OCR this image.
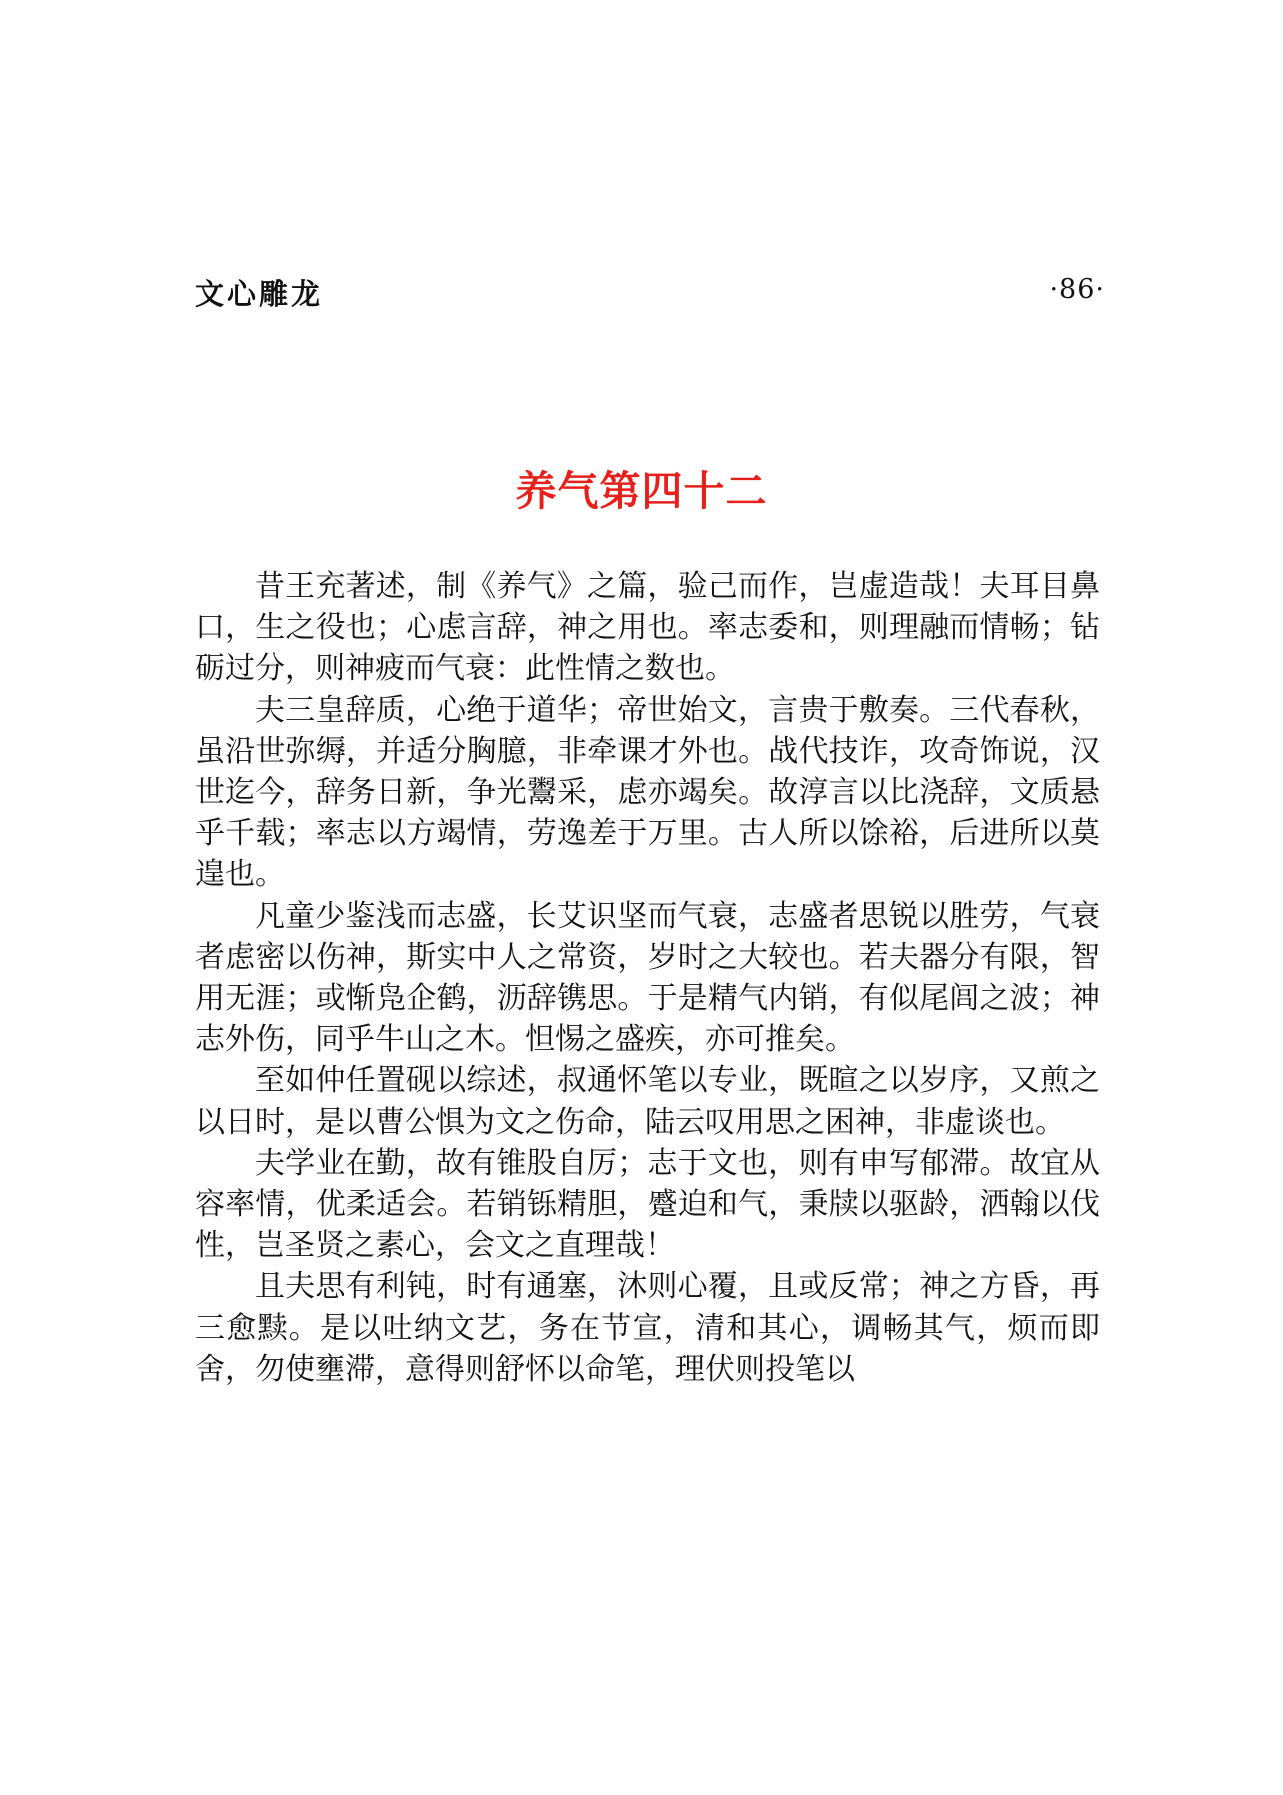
文心雕龙	·86·
养气第四十二

昔王充著述，制《养气》之篇，验己而作，岂虚造哉！夫耳目鼻口，生之役也；心虑言辞，神之用也。率志委和，则理融而情畅；钻砺过分，则神疲而气衰：此性情之数也。

夫三皇辞质，心绝于道华；帝世始文，言贵于敷奏。三代春秋，虽沿世弥缛，并适分胸臆，非牵课才外也。战代技诈，攻奇饰说，汉世迄今，辞务日新，争光鬻采，虑亦竭矣。故淳言以比浇辞，文质悬乎千载；率志以方竭情，劳逸差于万里。古人所以馀裕，后进所以莫遑也。

凡童少鉴浅而志盛，长艾识坚而气衰，志盛者思锐以胜劳，气衰者虑密以伤神，斯实中人之常资，岁时之大较也。若夫器分有限，智用无涯；或惭凫企鹤，沥辞镌思。于是精气内销，有似尾闾之波；神志外伤，同乎牛山之木。怛惕之盛疾，亦可推矣。

至如仲任置砚以综述，叔通怀笔以专业，既暄之以岁序，又煎之以日时，是以曹公惧为文之伤命，陆云叹用思之困神，非虚谈也。

夫学业在勤，故有锥股自厉；志于文也，则有申写郁滞。故宜从容率情，优柔适会。若销铄精胆，蹙迫和气，秉牍以驱龄，洒翰以伐性，岂圣贤之素心，会文之直理哉！

且夫思有利钝，时有通塞，沐则心覆，且或反常；神之方昏，再三愈黩。是以吐纳文艺，务在节宣，清和其心，调畅其气，烦而即舍，勿使壅滞，意得则舒怀以命笔，理伏则投笔以
